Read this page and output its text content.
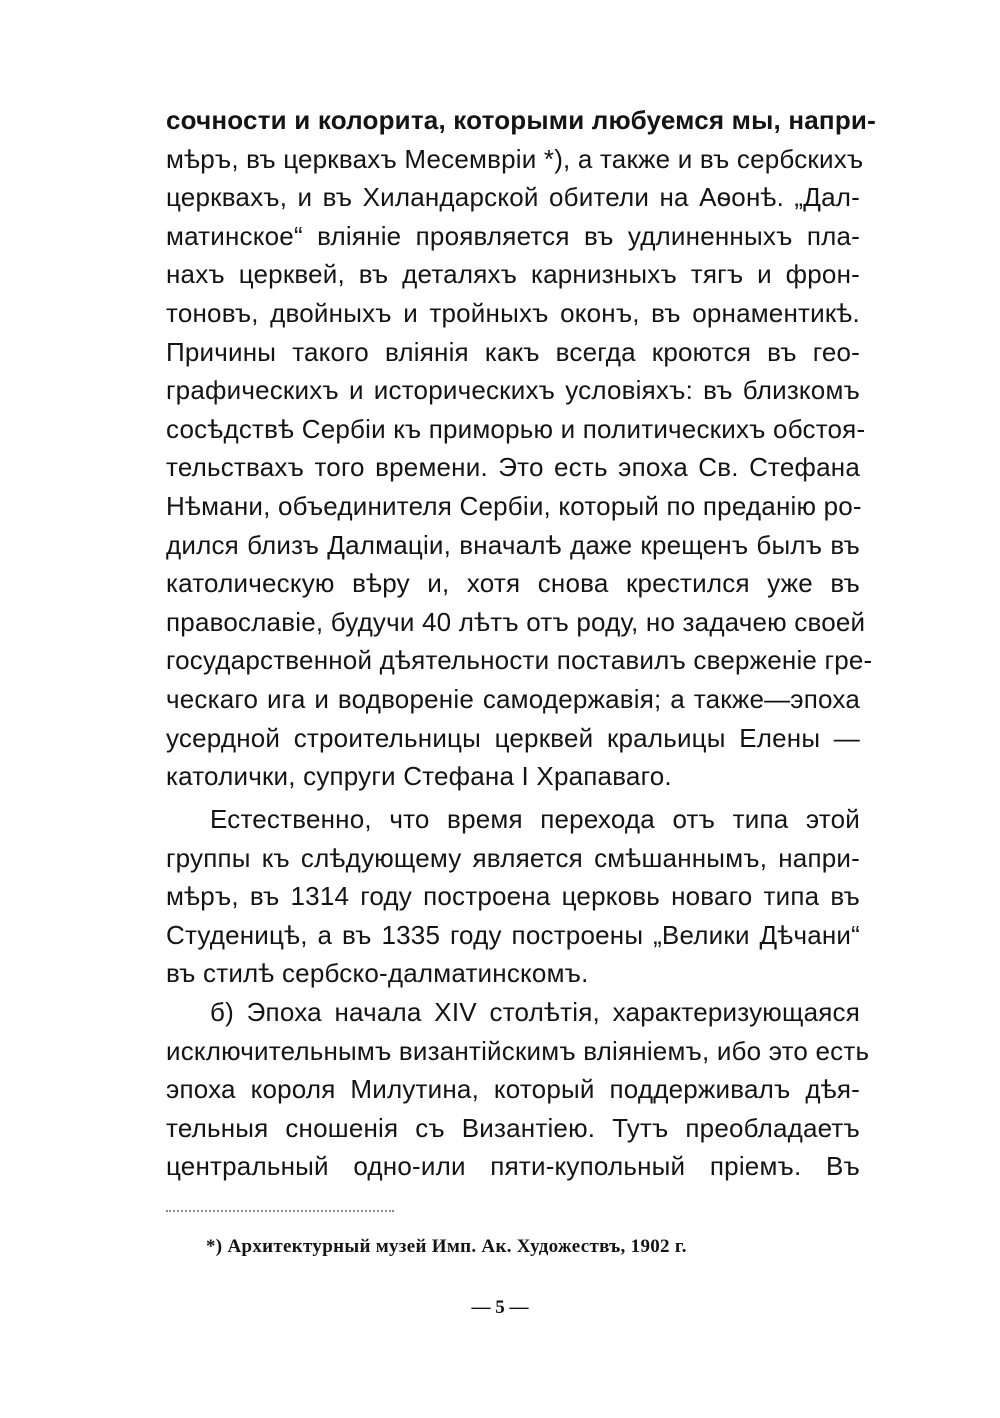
сочности и колорита, которыми любуемся мы, напри-
мѣръ, въ церквахъ Месемвріи *), а также и въ сербскихъ
церквахъ, и въ Хиландарской обители на Аѳонѣ. „Дал-
матинское“ вліяніе проявляется въ удлиненныхъ пла-
нахъ церквей, въ деталяхъ карнизныхъ тягъ и фрон-
тоновъ, двойныхъ и тройныхъ оконъ, въ орнаментикѣ.
Причины такого вліянія какъ всегда кроются въ гео-
графическихъ и историческихъ условіяхъ: въ близкомъ
сосѣдствѣ Сербіи къ приморью и политическихъ обстоя-
тельствахъ того времени. Это есть эпоха Св. Стефана
Нѣмани, объединителя Сербіи, который по преданію ро-
дился близъ Далмаціи, вначалѣ даже крещенъ былъ въ
католическую вѣру и, хотя снова крестился уже въ
православіе, будучи 40 лѣтъ отъ роду, но задачею своей
государственной дѣятельности поставилъ сверженіе гре-
ческаго ига и водвореніе самодержавія; а также—эпоха
усердной строительницы церквей кральицы Елены —
католички, супруги Стефана I Храпаваго.
Естественно, что время перехода отъ типа этой
группы къ слѣдующему является смѣшаннымъ, напри-
мѣръ, въ 1314 году построена церковь новаго типа въ
Студеницѣ, а въ 1335 году построены „Велики Дѣчани“
въ стилѣ сербско-далматинскомъ.
б) Эпоха начала XIV столѣтія, характеризующаяся
исключительнымъ византійскимъ вліяніемъ, ибо это есть
эпоха короля Милутина, который поддерживалъ дѣя-
тельныя сношенія съ Византіею. Тутъ преобладаетъ
центральный одно-или пяти-купольный пріемъ. Въ
*) Архитектурный музей Имп. Ак. Художествъ, 1902 г.
— 5 —
